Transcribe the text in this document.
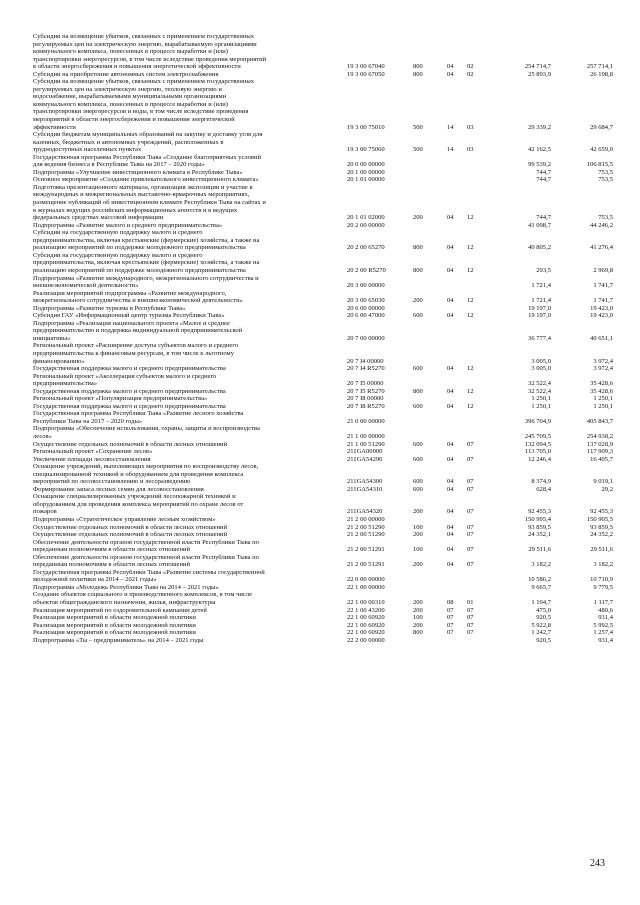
Субсидии на возмещение убытков, связанных с применением государственных
регулируемых цен на электрическую энергию, вырабатываемую организациями
коммунального комплекса, понесенных в процессе выработки и (или)
транспортировки энергоресурсов, в том числе вследствие проведения мероприятий
в области энергосбережения и повышения энергетической эффективности	19 3 00 67040	800	04	02	254 714,7	257 714,1
Субсидии на приобретение автономных систем электроснабжения	19 3 00 67050	800	04	02	25 893,9	26 198,8
Субсидии на возмещение убытков, связанных с применением государственных
регулируемых цен на электрическую энергию, тепловую энергию и
водоснабжение, вырабатываемыми муниципальными организациями
коммунального комплекса, понесенных в процессе выработки и (или)
транспортировки энергоресурсов и воды, в том числе вследствие проведения
мероприятий в области энергосбережения и повышения энергетической
эффективности	19 3 00 75010	500	14	03	29 339,2	29 684,7
Субсидии бюджетам муниципальных образований на закупку и доставку угля для
казенных, бюджетных и автономных учреждений, расположенных в
труднодоступных населенных пунктах	19 3 00 75060	500	14	03	42 162,5	42 659,0
Государственная программа Республики Тыва «Создание благоприятных условий
для ведения бизнеса в Республике Тыва на 2017 – 2020 годы»	20 0 00 00000	99 539,2	106 815,5
Подпрограмма «Улучшение инвестиционного климата в Республике Тыва»	20 1 00 00000	744,7	753,5
Основное мероприятие «Создание привлекательного инвестиционного климата»	20 1 01 00000	744,7	753,5
Подготовка презентационного материала, организация экспозиции и участие в
международных и межрегиональных выставочно-ярмарочных мероприятиях,
размещение публикаций об инвестиционном климате Республики Тыва на сайтах и
в журналах ведущих российских информационных агентств и в ведущих
федеральных средствах массовой информации	20 1 01 02000	200	04	12	744,7	753,5
Подпрограмма «Развитие малого и среднего предпринимательства»	20 2 00 00000	41 098,7	44 246,2
Субсидии на государственную поддержку малого и среднего
предпринимательства, включая крестьянские (фермерские) хозяйства, а также на
реализацию мероприятий по поддержке молодежного предпринимательства	20 2 00 65270	800	04	12	40 805,2	41 276,4
Субсидии на государственную поддержку малого и среднего
предпринимательства, включая крестьянские (фермерские) хозяйства, а также на
реализацию мероприятий по поддержке молодежного предпринимательства	20 2 00 R5270	800	04	12	293,5	2 969,8
Подпрограмма «Развитие международного, межрегионального сотрудничества и
внешнеэкономической деятельности»	20 3 00 00000	1 721,4	1 741,7
Реализация мероприятий подпрограммы «Развитие международного,
межрегионального сотрудничества и внешнеэкономической деятельности»	20 3 00 65030	200	04	12	1 721,4	1 741,7
Подпрограмма «Развитие туризма в Республике Тыва»	20 6 00 00000	19 197,0	19 423,0
Субсидия ГАУ «Информационный центр туризма Республики Тыва»	20 6 00 47000	600	04	12	19 197,0	19 423,0
Подпрограмма «Реализация национального проекта «Малое и среднее
предпринимательство и поддержка индивидуальной предпринимательской
инициативы»	20 7 00 00000	36 777,4	40 651,1
Региональный проект «Расширение доступа субъектов малого и среднего
предпринимательства к финансовым ресурсам, в том числе к льготному
финансированию»	20 7 I4 00000	3 005,0	3 972,4
Государственная поддержка малого и среднего предпринимательства	20 7 I4 R5270	600	04	12	3 005,0	3 972,4
Региональный проект «Акселерация субъектов малого и среднего
предпринимательства»	20 7 I5 00000	32 522,4	35 428,6
Государственная поддержка малого и среднего предпринимательства	20 7 I5 R5270	800	04	12	32 522,4	35 428,6
Региональный проект «Популяризация предпринимательства»	20 7 I8 00000	1 250,1	1 250,1
Государственная поддержка малого и среднего предпринимательства	20 7 I8 R5270	600	04	12	1 250,1	1 250,1
Государственная программа Республики Тыва «Развитие лесного хозяйства
Республики Тыва на 2017 – 2020 годы»	21 0 00 00000	396 704,9	405 843,7
Подпрограмма «Обеспечение использования, охраны, защиты и воспроизводства
лесов»	21 1 00 00000	245 709,5	254 938,2
Осуществление отдельных полномочий в области лесных отношений	21 1 00 51290	600	04	07	132 094,5	137 028,9
Региональный проект «Сохранение лесов»	211GA00000	113 705,0	117 909,3
Увеличение площади лесовосстановления	211GA54290	600	04	07	12 246,4	16 405,7
Оснащение учреждений, выполняющих мероприятия по воспроизводству лесов,
специализированной техникой и оборудованием для проведения комплекса
мероприятий по лесовосстановлению и лесоразведению	211GA54300	600	04	07	8 374,9	9 019,1
Формирование запаса лесных семян для лесовосстановления	211GA54310	600	04	07	628,4	29,2
Оснащение специализированных учреждений лесопожарной техникой и
оборудованием для проведения комплекса мероприятий по охране лесов от
пожаров	211GA54320	200	04	07	92 455,3	92 455,3
Подпрограмма «Стратегическое управление лесным хозяйством»	21 2 00 00000	150 995,4	150 905,5
Осуществление отдельных полномочий в области лесных отношений	21 2 00 51290	100	04	07	93 859,5	93 859,5
Осуществление отдельных полномочий в области лесных отношений	21 2 00 51290	200	04	07	24 352,1	24 352,2
Обеспечение деятельности органов государственной власти Республики Тыва по
переданным полномочиям в области лесных отношений	21 2 00 51291	100	04	07	29 511,6	29 511,6
Обеспечение деятельности органов государственной власти Республики Тыва по
переданным полномочиям в области лесных отношений	21 2 00 51291	200	04	07	3 182,2	3 182,2
Государственная программа Республики Тыва «Развитие системы государственной
молодежной политики на 2014 – 2021 годы»	22 0 00 00000	10 586,2	10 710,9
Подпрограмма «Молодежь Республики Тыва на 2014 – 2021 годы»	22 1 00 00000	9 665,7	9 779,5
Создание объектов социального и производственного комплексов, в том числе
объектов общегражданского назначения, жилья, инфраструктуры	22 1 00 00310	200	08	01	1 104,7	1 117,7
Реализация мероприятий по оздоровительной кампании детей	22 1 00 43200	200	07	07	475,0	480,6
Реализация мероприятий в области молодежной политики	22 1 00 60920	100	07	07	920,5	931,4
Реализация мероприятий в области молодежной политики	22 1 00 60920	200	07	07	5 922,8	5 992,5
Реализация мероприятий в области молодежной политики	22 1 00 60920	800	07	07	1 242,7	1 257,4
Подпрограмма «Ты – предприниматель» на 2014 – 2021 годы	22 2 00 00000	920,5	931,4
243
